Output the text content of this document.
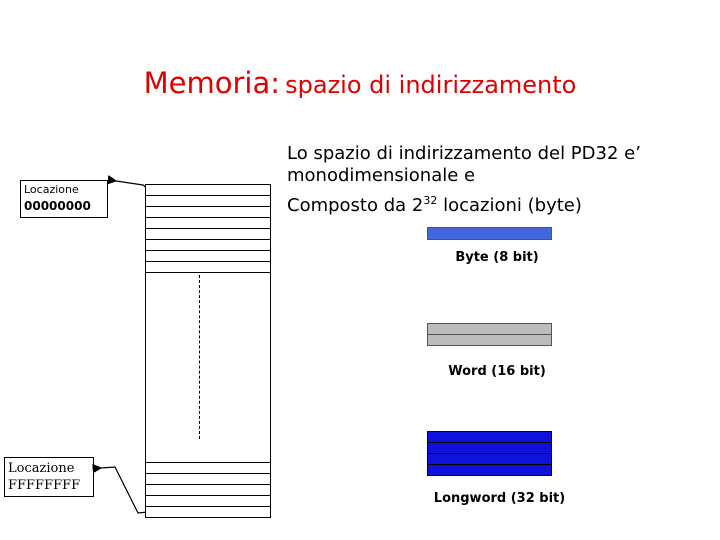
Memoria: spazio di indirizzamento
Lo spazio di indirizzamento del PD32 e’
monodimensionale e
Composto da $2^{32}$ locazioni (byte)
Locazione
00000000
Locazione
FFFFFFFF
Byte (8 bit)
Word (16 bit)
Longword (32 bit)
